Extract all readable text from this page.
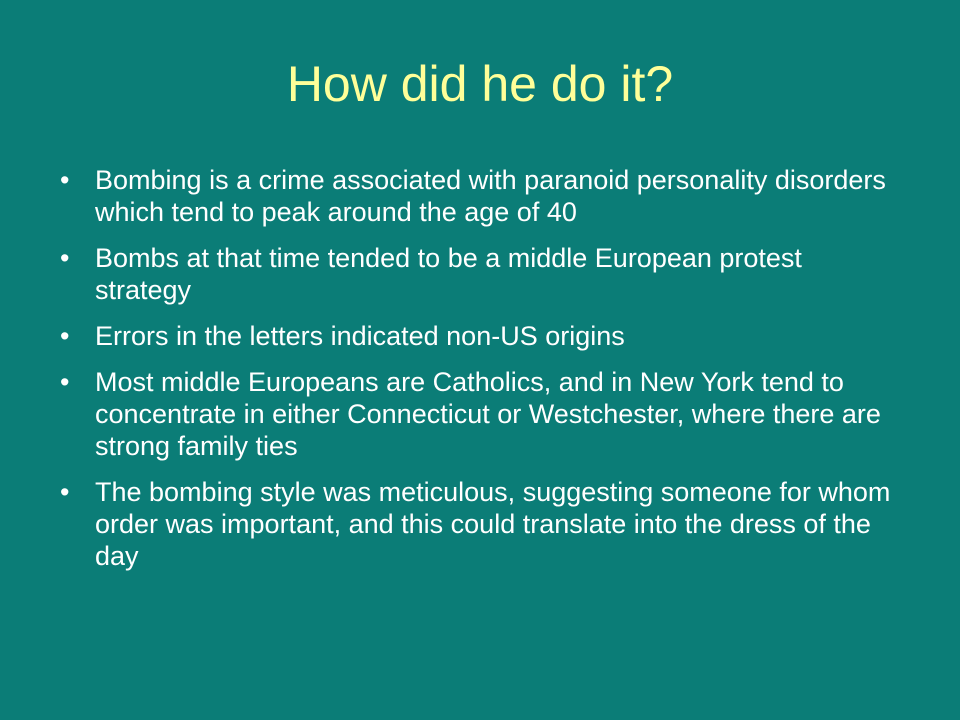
How did he do it?
• Bombing is a crime associated with paranoid personality disorders which tend to peak around the age of 40
• Bombs at that time tended to be a middle European protest strategy
• Errors in the letters indicated non-US origins
• Most middle Europeans are Catholics, and in New York tend to concentrate in either Connecticut or Westchester, where there are strong family ties
• The bombing style was meticulous, suggesting someone for whom order was important, and this could translate into the dress of the day
